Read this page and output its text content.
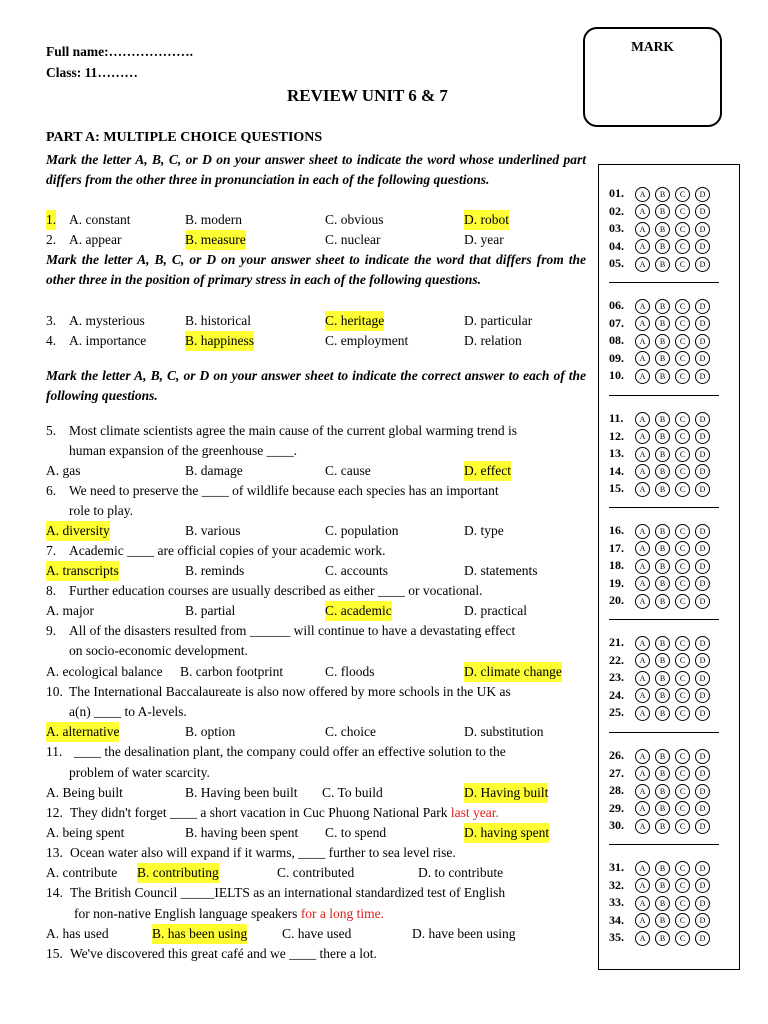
Full name:……………….
Class: 11………
REVIEW UNIT 6 & 7
MARK
PART A: MULTIPLE CHOICE QUESTIONS
Mark the letter A, B, C, or D on your answer sheet to indicate the word whose underlined part differs from the other three in pronunciation in each of the following questions.
1. A. constant	B. modern	C. obvious	D. robot
2. A. appear	B. measure	C. nuclear	D. year
Mark the letter A, B, C, or D on your answer sheet to indicate the word that differs from the other three in the position of primary stress in each of the following questions.
3. A. mysterious	B. historical	C. heritage	D. particular
4. A. importance	B. happiness	C. employment	D. relation
Mark the letter A, B, C, or D on your answer sheet to indicate the correct answer to each of the following questions.
5. Most climate scientists agree the main cause of the current global warming trend is
human expansion of the greenhouse ____.
A. gas	B. damage	C. cause	D. effect
6. We need to preserve the ____ of wildlife because each species has an important
role to play.
A. diversity	B. various	C. population	D. type
7. Academic ____ are official copies of your academic work.
A. transcripts	B. reminds	C. accounts	D. statements
8. Further education courses are usually described as either ____ or vocational.
A. major	B. partial	C. academic	D. practical
9. All of the disasters resulted from ______ will continue to have a devastating effect
on socio-economic development.
A. ecological balance B. carbon footprint	C. floods	D. climate change
10. The International Baccalaureate is also now offered by more schools in the UK as
a(n) ____ to A-levels.
A. alternative	B. option	C. choice	D. substitution
11. ____ the desalination plant, the company could offer an effective solution to the
problem of water scarcity.
A. Being built	B. Having been built C. To build	D. Having built
12. They didn't forget ____ a short vacation in Cuc Phuong National Park last year.
A. being spent	B. having been spent C. to spend	D. having spent
13. Ocean water also will expand if it warms, ____ further to sea level rise.
A. contribute B. contributing	C. contributed	D. to contribute
14. The British Council _____IELTS as an international standardized test of English
for non-native English language speakers for a long time.
A. has used	B. has been using	C. have used	D. have been using
15. We've discovered this great café and we ____ there a lot.
01. A B C D
02. A B C D
03. A B C D
04. A B C D
05. A B C D
06. A B C D
07. A B C D
08. A B C D
09. A B C D
10. A B C D
11. A B C D
12. A B C D
13. A B C D
14. A B C D
15. A B C D
16. A B C D
17. A B C D
18. A B C D
19. A B C D
20. A B C D
21. A B C D
22. A B C D
23. A B C D
24. A B C D
25. A B C D
26. A B C D
27. A B C D
28. A B C D
29. A B C D
30. A B C D
31. A B C D
32. A B C D
33. A B C D
34. A B C D
35. A B C D
